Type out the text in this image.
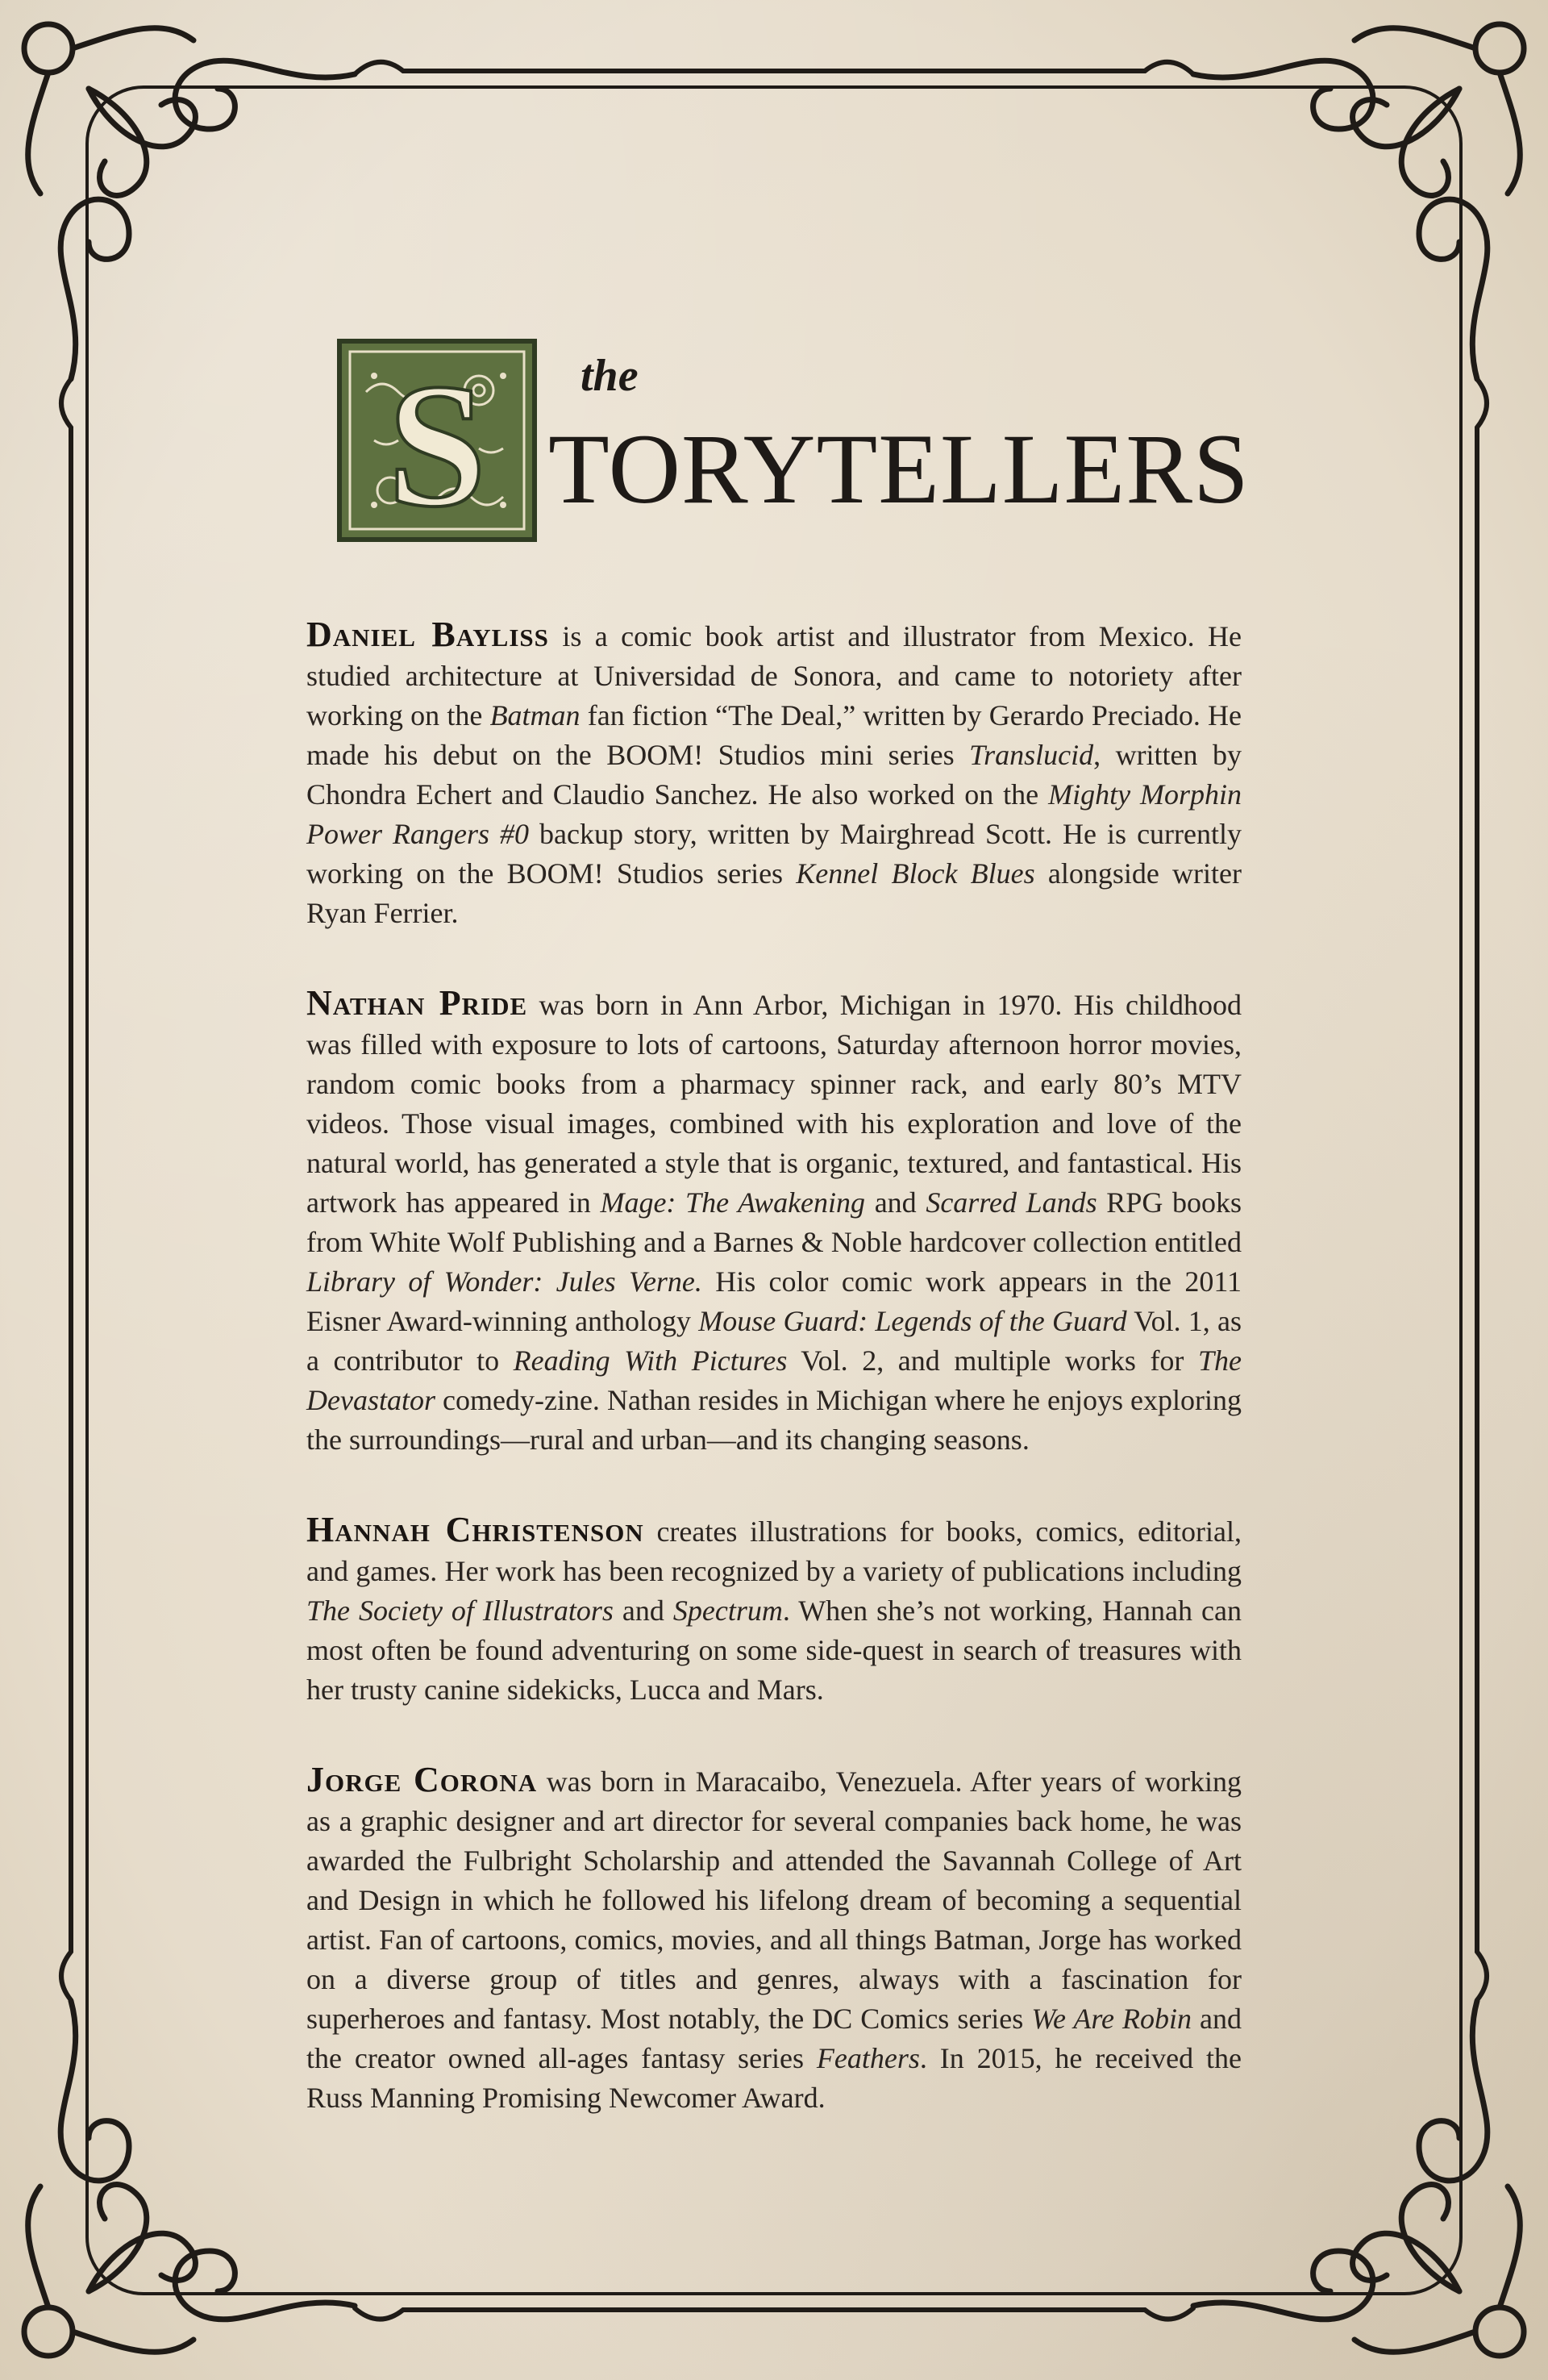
S the
TORYTELLERS

Daniel Bayliss is a comic book artist and illustrator from Mexico. He studied architecture at Universidad de Sonora, and came to notoriety after working on the Batman fan fiction “The Deal,” written by Gerardo Preciado. He made his debut on the BOOM! Studios mini series Translucid, written by Chondra Echert and Claudio Sanchez. He also worked on the Mighty Morphin Power Rangers #0 backup story, written by Mairghread Scott. He is currently working on the BOOM! Studios series Kennel Block Blues alongside writer Ryan Ferrier.

Nathan Pride was born in Ann Arbor, Michigan in 1970. His childhood was filled with exposure to lots of cartoons, Saturday afternoon horror movies, random comic books from a pharmacy spinner rack, and early 80’s MTV videos. Those visual images, combined with his exploration and love of the natural world, has generated a style that is organic, textured, and fantastical. His artwork has appeared in Mage: The Awakening and Scarred Lands RPG books from White Wolf Publishing and a Barnes & Noble hardcover collection entitled Library of Wonder: Jules Verne. His color comic work appears in the 2011 Eisner Award-winning anthology Mouse Guard: Legends of the Guard Vol. 1, as a contributor to Reading With Pictures Vol. 2, and multiple works for The Devastator comedy-zine. Nathan resides in Michigan where he enjoys exploring the surroundings—rural and urban—and its changing seasons.

Hannah Christenson creates illustrations for books, comics, editorial, and games. Her work has been recognized by a variety of publications including The Society of Illustrators and Spectrum. When she’s not working, Hannah can most often be found adventuring on some side-quest in search of treasures with her trusty canine sidekicks, Lucca and Mars.

Jorge Corona was born in Maracaibo, Venezuela. After years of working as a graphic designer and art director for several companies back home, he was awarded the Fulbright Scholarship and attended the Savannah College of Art and Design in which he followed his lifelong dream of becoming a sequential artist. Fan of cartoons, comics, movies, and all things Batman, Jorge has worked on a diverse group of titles and genres, always with a fascination for superheroes and fantasy. Most notably, the DC Comics series We Are Robin and the creator owned all-ages fantasy series Feathers. In 2015, he received the Russ Manning Promising Newcomer Award.
